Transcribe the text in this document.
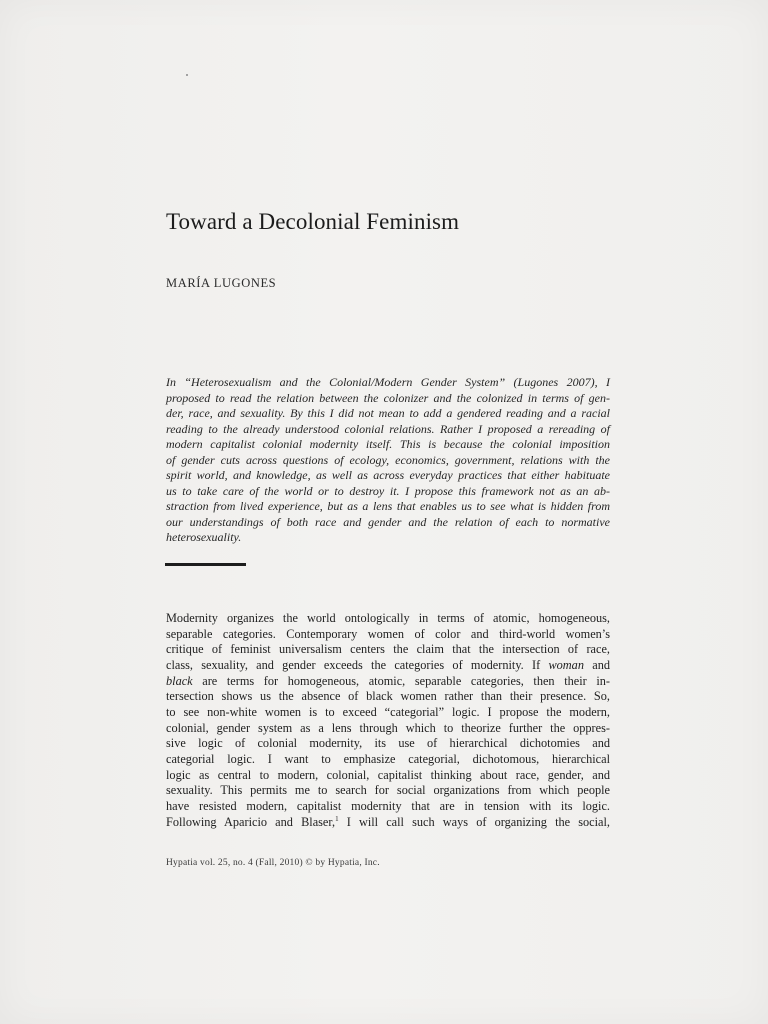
Toward a Decolonial Feminism
MARÍA LUGONES
In “Heterosexualism and the Colonial/Modern Gender System” (Lugones 2007), I
proposed to read the relation between the colonizer and the colonized in terms of gen-
der, race, and sexuality. By this I did not mean to add a gendered reading and a racial
reading to the already understood colonial relations. Rather I proposed a rereading of
modern capitalist colonial modernity itself. This is because the colonial imposition
of gender cuts across questions of ecology, economics, government, relations with the
spirit world, and knowledge, as well as across everyday practices that either habituate
us to take care of the world or to destroy it. I propose this framework not as an ab-
straction from lived experience, but as a lens that enables us to see what is hidden from
our understandings of both race and gender and the relation of each to normative
heterosexuality.
Modernity organizes the world ontologically in terms of atomic, homogeneous,
separable categories. Contemporary women of color and third-world women’s
critique of feminist universalism centers the claim that the intersection of race,
class, sexuality, and gender exceeds the categories of modernity. If woman and
black are terms for homogeneous, atomic, separable categories, then their in-
tersection shows us the absence of black women rather than their presence. So,
to see non-white women is to exceed “categorial” logic. I propose the modern,
colonial, gender system as a lens through which to theorize further the oppres-
sive logic of colonial modernity, its use of hierarchical dichotomies and
categorial logic. I want to emphasize categorial, dichotomous, hierarchical
logic as central to modern, colonial, capitalist thinking about race, gender, and
sexuality. This permits me to search for social organizations from which people
have resisted modern, capitalist modernity that are in tension with its logic.
Following Aparicio and Blaser,$^1$ I will call such ways of organizing the social,
Hypatia vol. 25, no. 4 (Fall, 2010) © by Hypatia, Inc.
